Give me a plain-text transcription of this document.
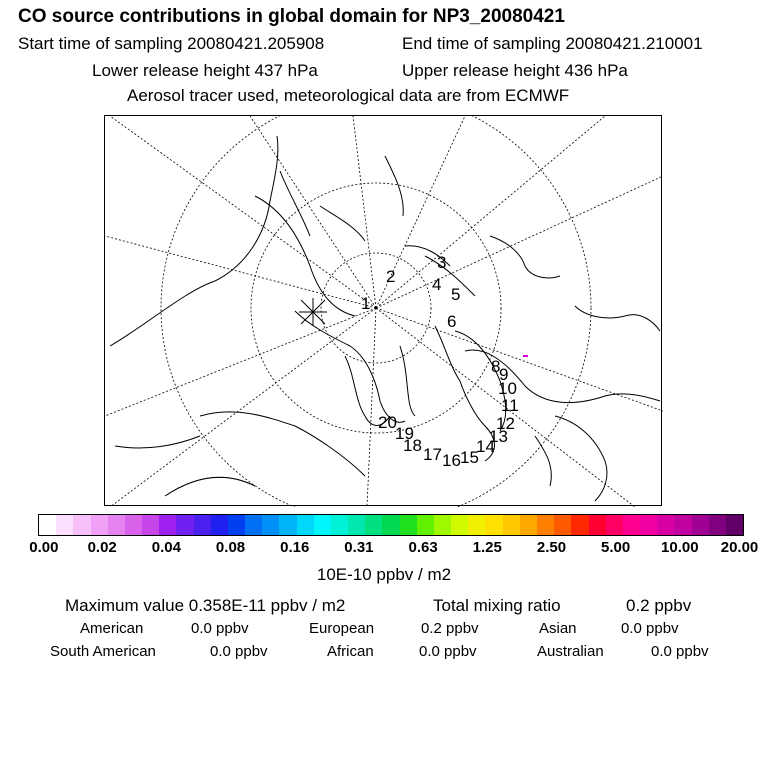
CO source contributions in global domain for NP3_20080421
Start time of sampling 20080421.205908	End time of sampling 20080421.210001
Lower release height 437 hPa	Upper release height 436 hPa
Aerosol tracer used, meteorological data are from ECMWF
1
2
3
4
5
6
8
9
10
11
12
13
14
15
16
17
18
19
20
0.00 0.02 0.04 0.08 0.16 0.31 0.63 1.25 2.50 5.00 10.00 20.00
10E-10 ppbv / m2
Maximum value 0.358E-11 ppbv / m2	Total mixing ratio	0.2 ppbv
American	0.0 ppbv	European	0.2 ppbv	Asian	0.0 ppbv
South American	0.0 ppbv	African	0.0 ppbv	Australian	0.0 ppbv
